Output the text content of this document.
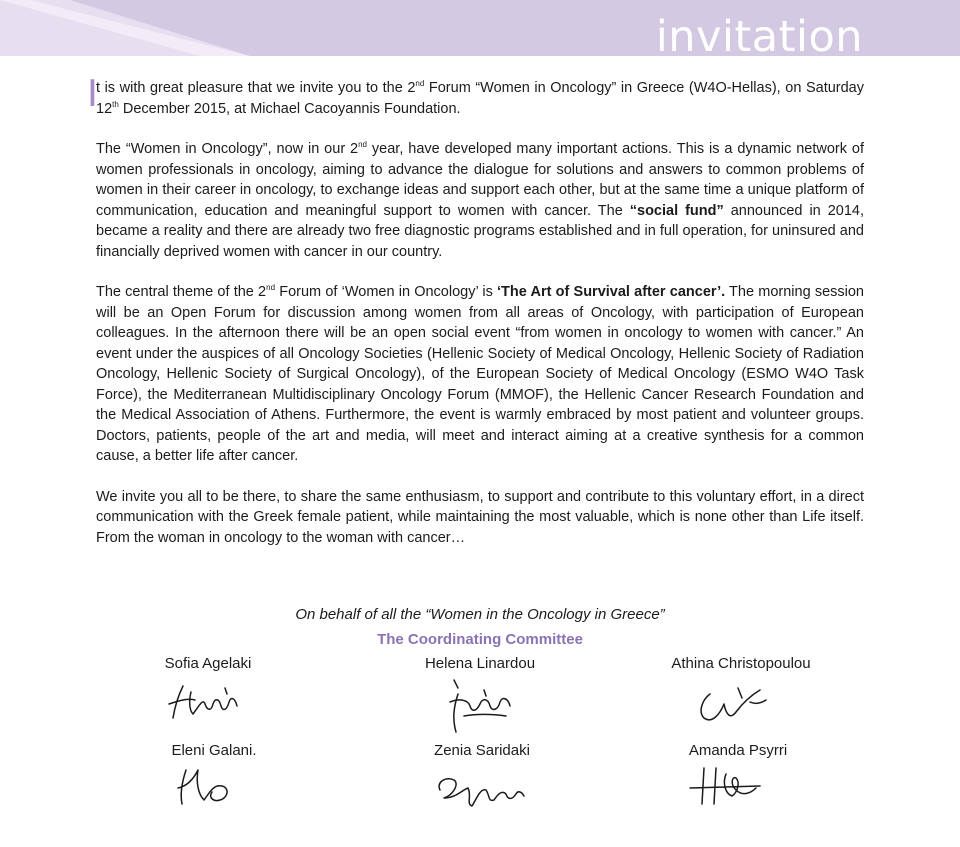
invitation

I
t is with great pleasure that we invite you to the 2nd Forum “Women in Oncology” in Greece (W4O-Hellas), on Saturday 12th December 2015, at Michael Cacoyannis Foundation.

The “Women in Oncology”, now in our 2nd year, have developed many important actions. This is a dynamic network of women professionals in oncology, aiming to advance the dialogue for solutions and answers to common problems of women in their career in oncology, to exchange ideas and support each other, but at the same time a unique platform of communication, education and meaningful support to women with cancer. The “social fund” announced in 2014, became a reality and there are already two free diagnostic programs established and in full operation, for uninsured and financially deprived women with cancer in our country.

The central theme of the 2nd Forum of ‘Women in Oncology’ is ‘The Art of Survival after cancer’. The morning session will be an Open Forum for discussion among women from all areas of Oncology, with participation of European colleagues. In the afternoon there will be an open social event “from women in oncology to women with cancer.” An event under the auspices of all Oncology Societies (Hellenic Society of Medical Oncology, Hellenic Society of Radiation Oncology, Hellenic Society of Surgical Oncology), of the European Society of Medical Oncology (ESMO W4O Task Force), the Mediterranean Multidisciplinary Oncology Forum (MMOF), the Hellenic Cancer Research Foundation and the Medical Association of Athens. Furthermore, the event is warmly embraced by most patient and volunteer groups. Doctors, patients, people of the art and media, will meet and interact aiming at a creative synthesis for a common cause, a better life after cancer.

We invite you all to be there, to share the same enthusiasm, to support and contribute to this voluntary effort, in a direct communication with the Greek female patient, while maintaining the most valuable, which is none other than Life itself. From the woman in oncology to the woman with cancer…

On behalf of all the “Women in the Oncology in Greece”
The Coordinating Committee
Sofia Agelaki	Helena Linardou	Athina Christopoulou
Eleni Galani.	Zenia Saridaki	Amanda Psyrri
